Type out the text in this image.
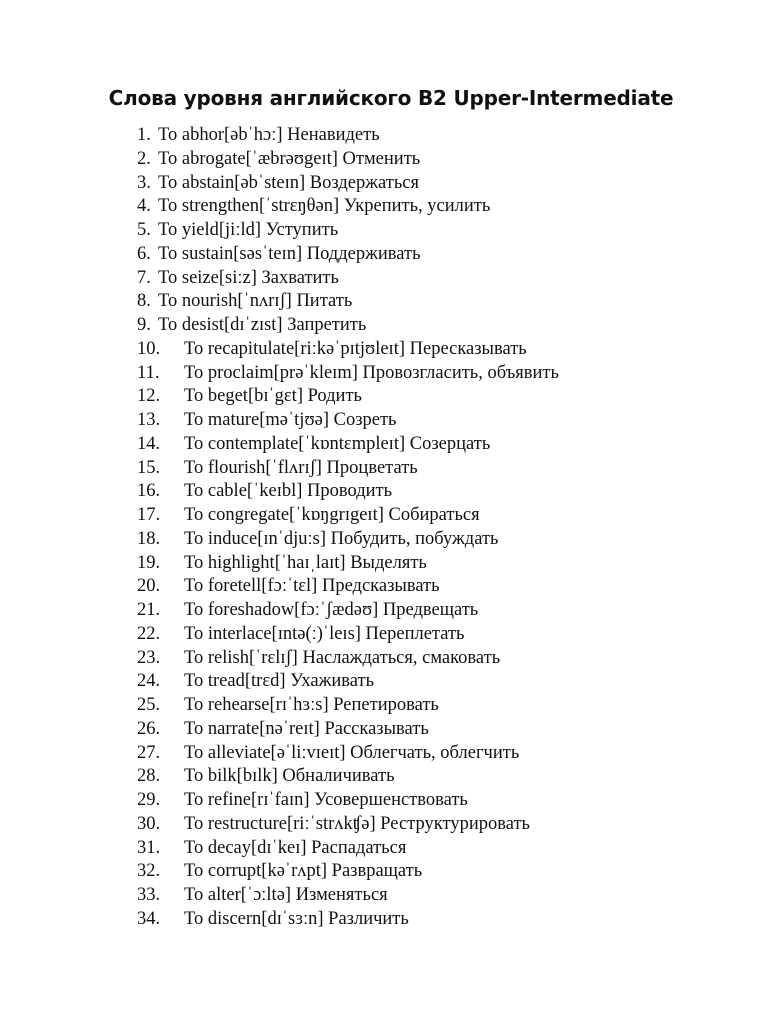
Слова уровня английского B2 Upper-Intermediate
1. To abhor[əbˈhɔː] Ненавидеть
2. To abrogate[ˈæbrəʊgeɪt] Отменить
3. To abstain[əbˈsteɪn] Воздержаться
4. To strengthen[ˈstrɛŋθən] Укрепить, усилить
5. To yield[jiːld] Уступить
6. To sustain[səsˈteɪn] Поддерживать
7. To seize[siːz] Захватить
8. To nourish[ˈnʌrɪʃ] Питать
9. To desist[dɪˈzɪst] Запретить
10. To recapitulate[riːkəˈpɪtjʊleɪt] Пересказывать
11. To proclaim[prəˈkleɪm] Провозгласить, объявить
12. To beget[bɪˈgɛt] Родить
13. To mature[məˈtjʊə] Созреть
14. To contemplate[ˈkɒntɛmpleɪt] Созерцать
15. To flourish[ˈflʌrɪʃ] Процветать
16. To cable[ˈkeɪbl] Проводить
17. To congregate[ˈkɒŋgrɪgeɪt] Собираться
18. To induce[ɪnˈdjuːs] Побудить, побуждать
19. To highlight[ˈhaɪˌlaɪt] Выделять
20. To foretell[fɔːˈtɛl] Предсказывать
21. To foreshadow[fɔːˈʃædəʊ] Предвещать
22. To interlace[ɪntə(ː)ˈleɪs] Переплетать
23. To relish[ˈrɛlɪʃ] Наслаждаться, смаковать
24. To tread[trɛd] Ухаживать
25. To rehearse[rɪˈhɜːs] Репетировать
26. To narrate[nəˈreɪt] Рассказывать
27. To alleviate[əˈliːvɪeɪt] Облегчать, облегчить
28. To bilk[bɪlk] Обналичивать
29. To refine[rɪˈfaɪn] Усовершенствовать
30. To restructure[riːˈstrʌkʧə] Реструктурировать
31. To decay[dɪˈkeɪ] Распадаться
32. To corrupt[kəˈrʌpt] Развращать
33. To alter[ˈɔːltə] Изменяться
34. To discern[dɪˈsɜːn] Различить
